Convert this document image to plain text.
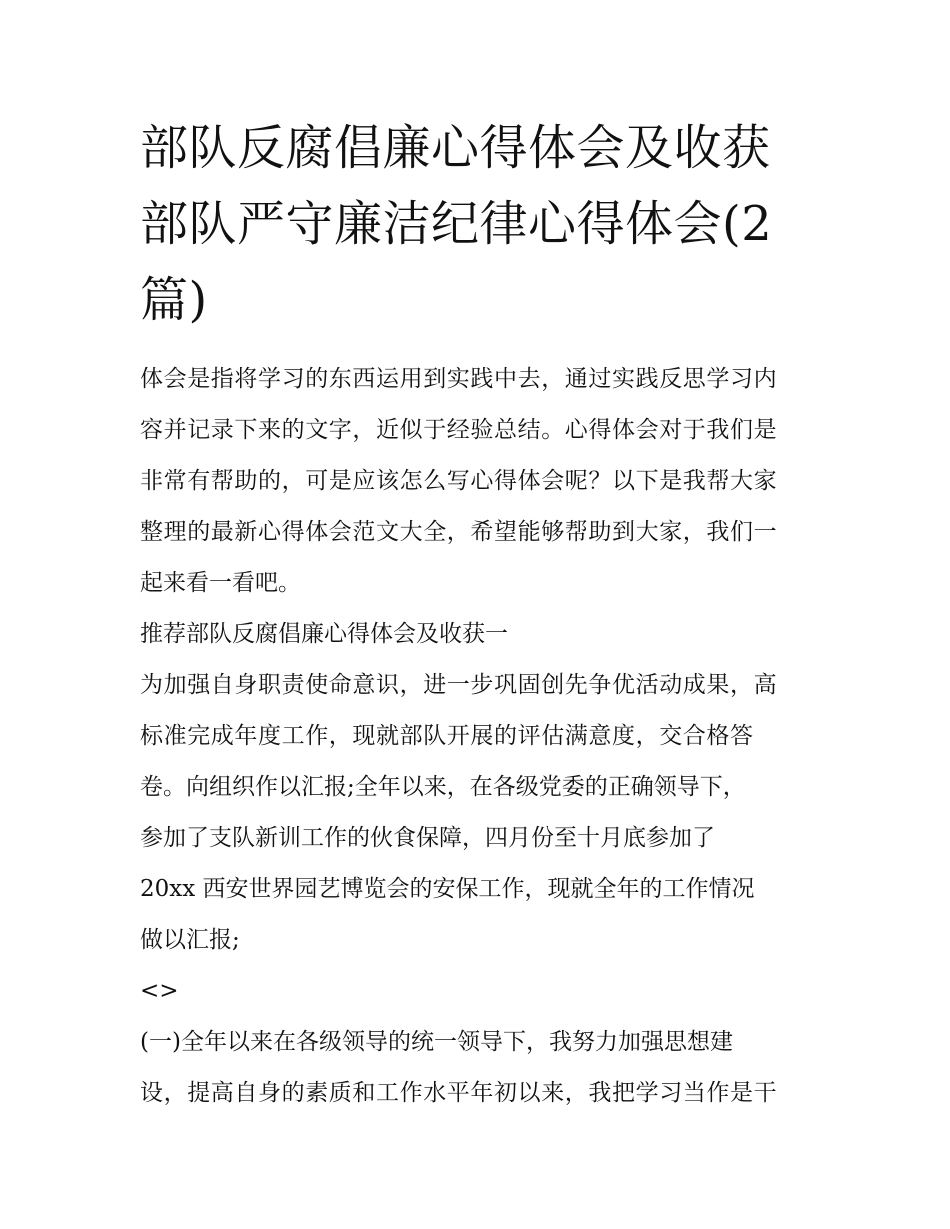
部队反腐倡廉心得体会及收获
部队严守廉洁纪律心得体会(2
篇)

体会是指将学习的东西运用到实践中去，通过实践反思学习内

容并记录下来的文字，近似于经验总结。心得体会对于我们是

非常有帮助的，可是应该怎么写心得体会呢？以下是我帮大家

整理的最新心得体会范文大全，希望能够帮助到大家，我们一

起来看一看吧。

推荐部队反腐倡廉心得体会及收获一

为加强自身职责使命意识，进一步巩固创先争优活动成果，高

标准完成年度工作，现就部队开展的评估满意度，交合格答

卷。向组织作以汇报;全年以来，在各级党委的正确领导下，

参加了支队新训工作的伙食保障，四月份至十月底参加了

20xx 西安世界园艺博览会的安保工作，现就全年的工作情况

做以汇报;

<>

(一)全年以来在各级领导的统一领导下，我努力加强思想建

设，提高自身的素质和工作水平年初以来，我把学习当作是干
